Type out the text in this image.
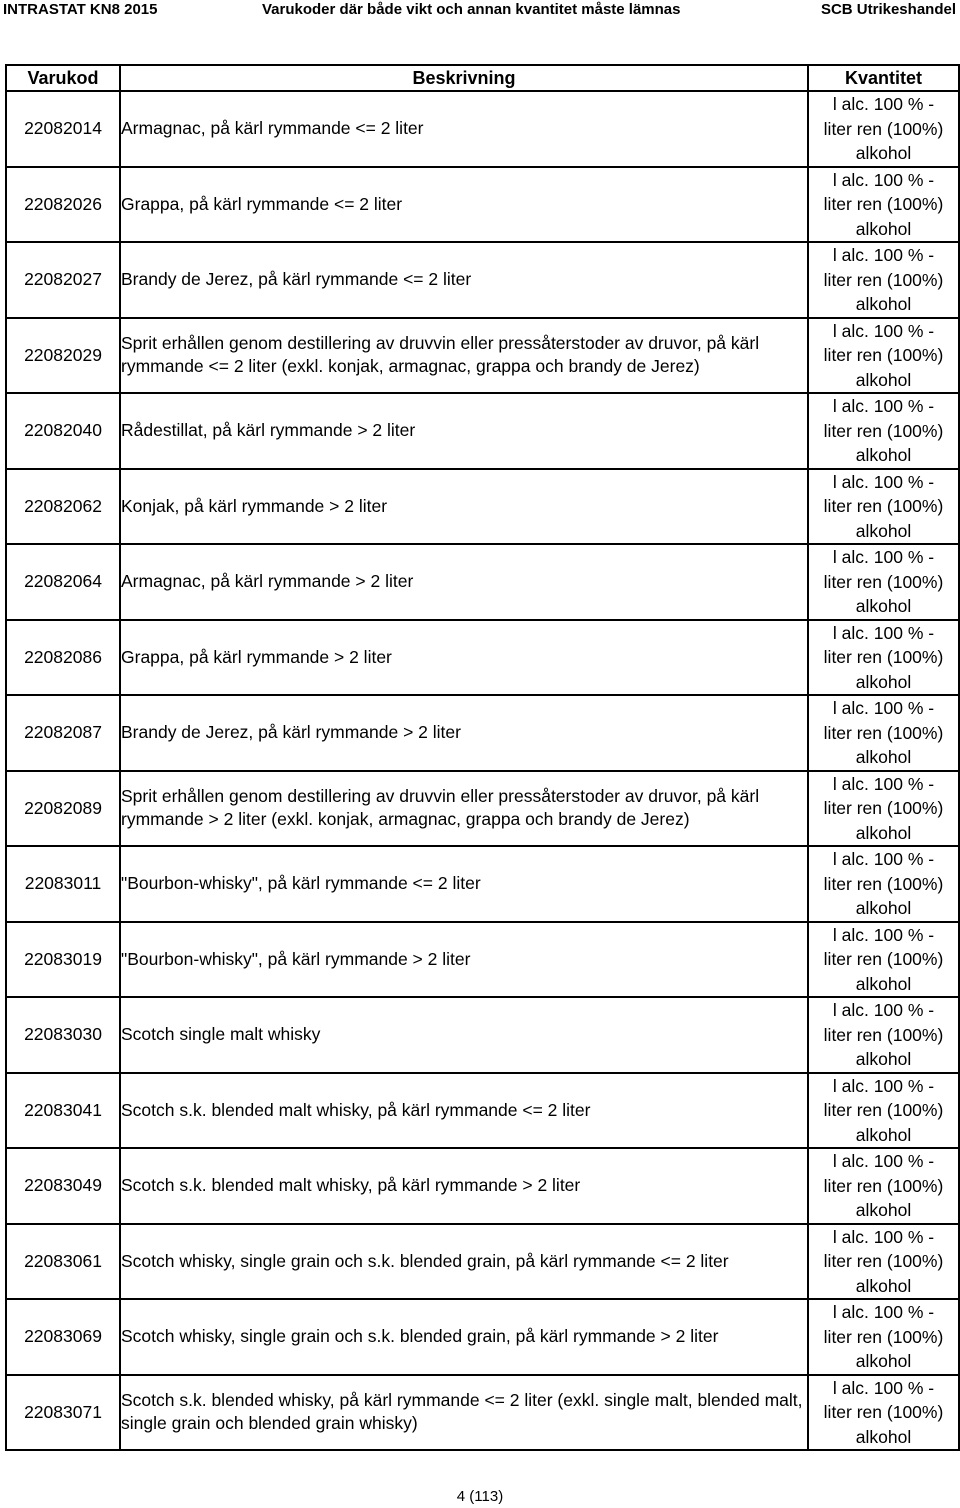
INTRASTAT KN8 2015	Varukoder där både vikt och annan kvantitet måste lämnas	SCB Utrikeshandel
Varukod	Beskrivning	Kvantitet
22082014	Armagnac, på kärl rymmande <= 2 liter	l alc. 100 % -
liter ren (100%)
alkohol

22082026	Grappa, på kärl rymmande <= 2 liter	l alc. 100 % -
liter ren (100%)
alkohol

22082027	Brandy de Jerez, på kärl rymmande <= 2 liter	l alc. 100 % -
liter ren (100%)
alkohol

22082029	Sprit erhållen genom destillering av druvvin eller pressåterstoder av druvor, på kärl rymmande <= 2 liter (exkl. konjak, armagnac, grappa och brandy de Jerez)	l alc. 100 % -
liter ren (100%)
alkohol

22082040	Rådestillat, på kärl rymmande > 2 liter	l alc. 100 % -
liter ren (100%)
alkohol

22082062	Konjak, på kärl rymmande > 2 liter	l alc. 100 % -
liter ren (100%)
alkohol

22082064	Armagnac, på kärl rymmande > 2 liter	l alc. 100 % -
liter ren (100%)
alkohol

22082086	Grappa, på kärl rymmande > 2 liter	l alc. 100 % -
liter ren (100%)
alkohol

22082087	Brandy de Jerez, på kärl rymmande > 2 liter	l alc. 100 % -
liter ren (100%)
alkohol

22082089	Sprit erhållen genom destillering av druvvin eller pressåterstoder av druvor, på kärl rymmande > 2 liter (exkl. konjak, armagnac, grappa och brandy de Jerez)	l alc. 100 % -
liter ren (100%)
alkohol

22083011	"Bourbon-whisky", på kärl rymmande <= 2 liter	l alc. 100 % -
liter ren (100%)
alkohol

22083019	"Bourbon-whisky", på kärl rymmande > 2 liter	l alc. 100 % -
liter ren (100%)
alkohol

22083030	Scotch single malt whisky	l alc. 100 % -
liter ren (100%)
alkohol

22083041	Scotch s.k. blended malt whisky, på kärl rymmande <= 2 liter	l alc. 100 % -
liter ren (100%)
alkohol

22083049	Scotch s.k. blended malt whisky, på kärl rymmande > 2 liter	l alc. 100 % -
liter ren (100%)
alkohol

22083061	Scotch whisky, single grain och s.k. blended grain, på kärl rymmande <= 2 liter	l alc. 100 % -
liter ren (100%)
alkohol

22083069	Scotch whisky, single grain och s.k. blended grain, på kärl rymmande > 2 liter	l alc. 100 % -
liter ren (100%)
alkohol

22083071	Scotch s.k. blended whisky, på kärl rymmande <= 2 liter (exkl. single malt, blended malt, single grain och blended grain whisky)	l alc. 100 % -
liter ren (100%)
alkohol
4 (113)
